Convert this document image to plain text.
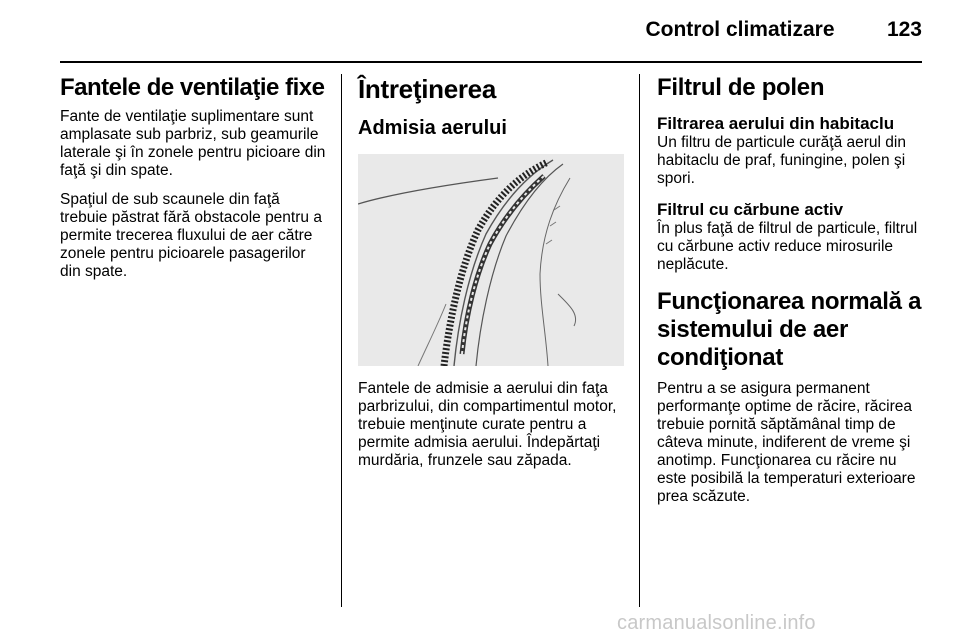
Control climatizare	123
Fantele de ventilaţie fixe

Fante de ventilaţie suplimentare sunt amplasate sub parbriz, sub geamurile laterale şi în zonele pentru picioare din faţă şi din spate.

Spaţiul de sub scaunele din faţă trebuie păstrat fără obstacole pentru a permite trecerea fluxului de aer către zonele pentru picioarele pasagerilor din spate.

Întreţinerea
Admisia aerului

Fantele de admisie a aerului din faţa parbrizului, din compartimentul motor, trebuie menţinute curate pentru a permite admisia aerului. Îndepărtaţi murdăria, frunzele sau zăpada.

Filtrul de polen
Filtrarea aerului din habitaclu

Un filtru de particule curăţă aerul din habitaclu de praf, funingine, polen şi spori.

Filtrul cu cărbune activ

În plus faţă de filtrul de particule, filtrul cu cărbune activ reduce mirosurile neplăcute.

Funcţionarea normală a sistemului de aer condiţionat

Pentru a se asigura permanent performanţe optime de răcire, răcirea trebuie pornită săptămânal timp de câteva minute, indiferent de vreme şi anotimp. Funcţionarea cu răcire nu este posibilă la temperaturi exterioare prea scăzute.

carmanualsonline.info
